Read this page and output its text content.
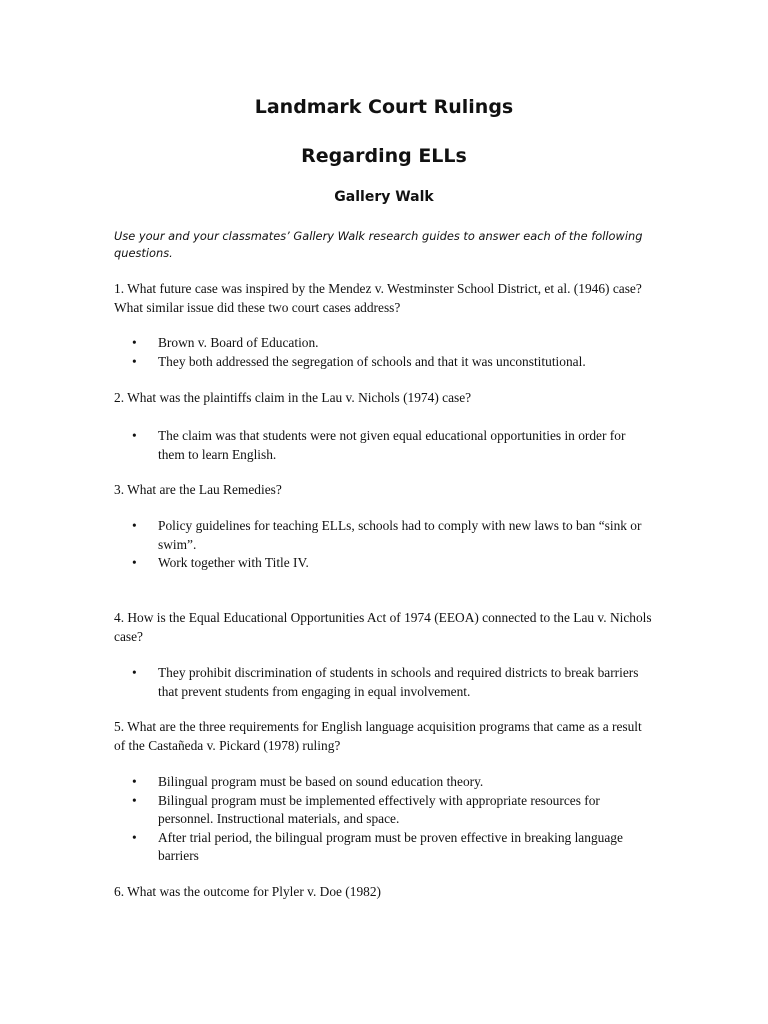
Landmark Court Rulings
Regarding ELLs
Gallery Walk
Use your and your classmates’ Gallery Walk research guides to answer each of the following questions.
1. What future case was inspired by the Mendez v. Westminster School District, et al. (1946) case? What similar issue did these two court cases address?
• Brown v. Board of Education.
• They both addressed the segregation of schools and that it was unconstitutional.
2. What was the plaintiffs claim in the Lau v. Nichols (1974) case?
• The claim was that students were not given equal educational opportunities in order for them to learn English.
3. What are the Lau Remedies?
• Policy guidelines for teaching ELLs, schools had to comply with new laws to ban “sink or swim”.
• Work together with Title IV.
4. How is the Equal Educational Opportunities Act of 1974 (EEOA) connected to the Lau v. Nichols case?
• They prohibit discrimination of students in schools and required districts to break barriers that prevent students from engaging in equal involvement.
5. What are the three requirements for English language acquisition programs that came as a result of the Castañeda v. Pickard (1978) ruling?
• Bilingual program must be based on sound education theory.
• Bilingual program must be implemented effectively with appropriate resources for personnel. Instructional materials, and space.
• After trial period, the bilingual program must be proven effective in breaking language barriers
6. What was the outcome for Plyler v. Doe (1982)
